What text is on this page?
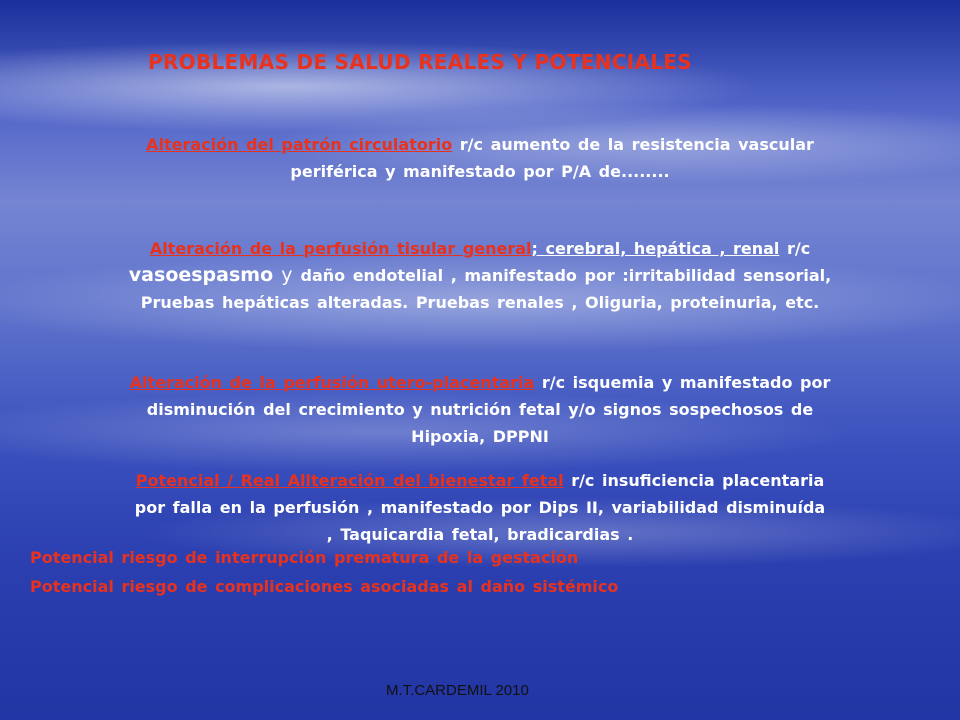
PROBLEMAS DE SALUD REALES Y POTENCIALES
Alteración del patrón circulatorio r/c aumento de la resistencia vascular
periférica y manifestado por P/A de........
Alteración de la perfusión tisular general; cerebral, hepática , renal r/c
vasoespasmo y daño endotelial , manifestado por :irritabilidad sensorial,
Pruebas hepáticas alteradas. Pruebas renales , Oliguria, proteinuria, etc.
Alteración de la perfusión utero-placentaria r/c isquemia y manifestado por
disminución del crecimiento y nutrición fetal y/o signos sospechosos de
Hipoxia, DPPNI
Potencial / Real Allteración del bienestar fetal r/c insuficiencia placentaria
por falla en la perfusión , manifestado por Dips II, variabilidad disminuída
, Taquicardia fetal, bradicardias .
Potencial riesgo de interrupción prematura de la gestación
Potencial riesgo de complicaciones asociadas al daño sistémico
M.T.CARDEMIL 2010
